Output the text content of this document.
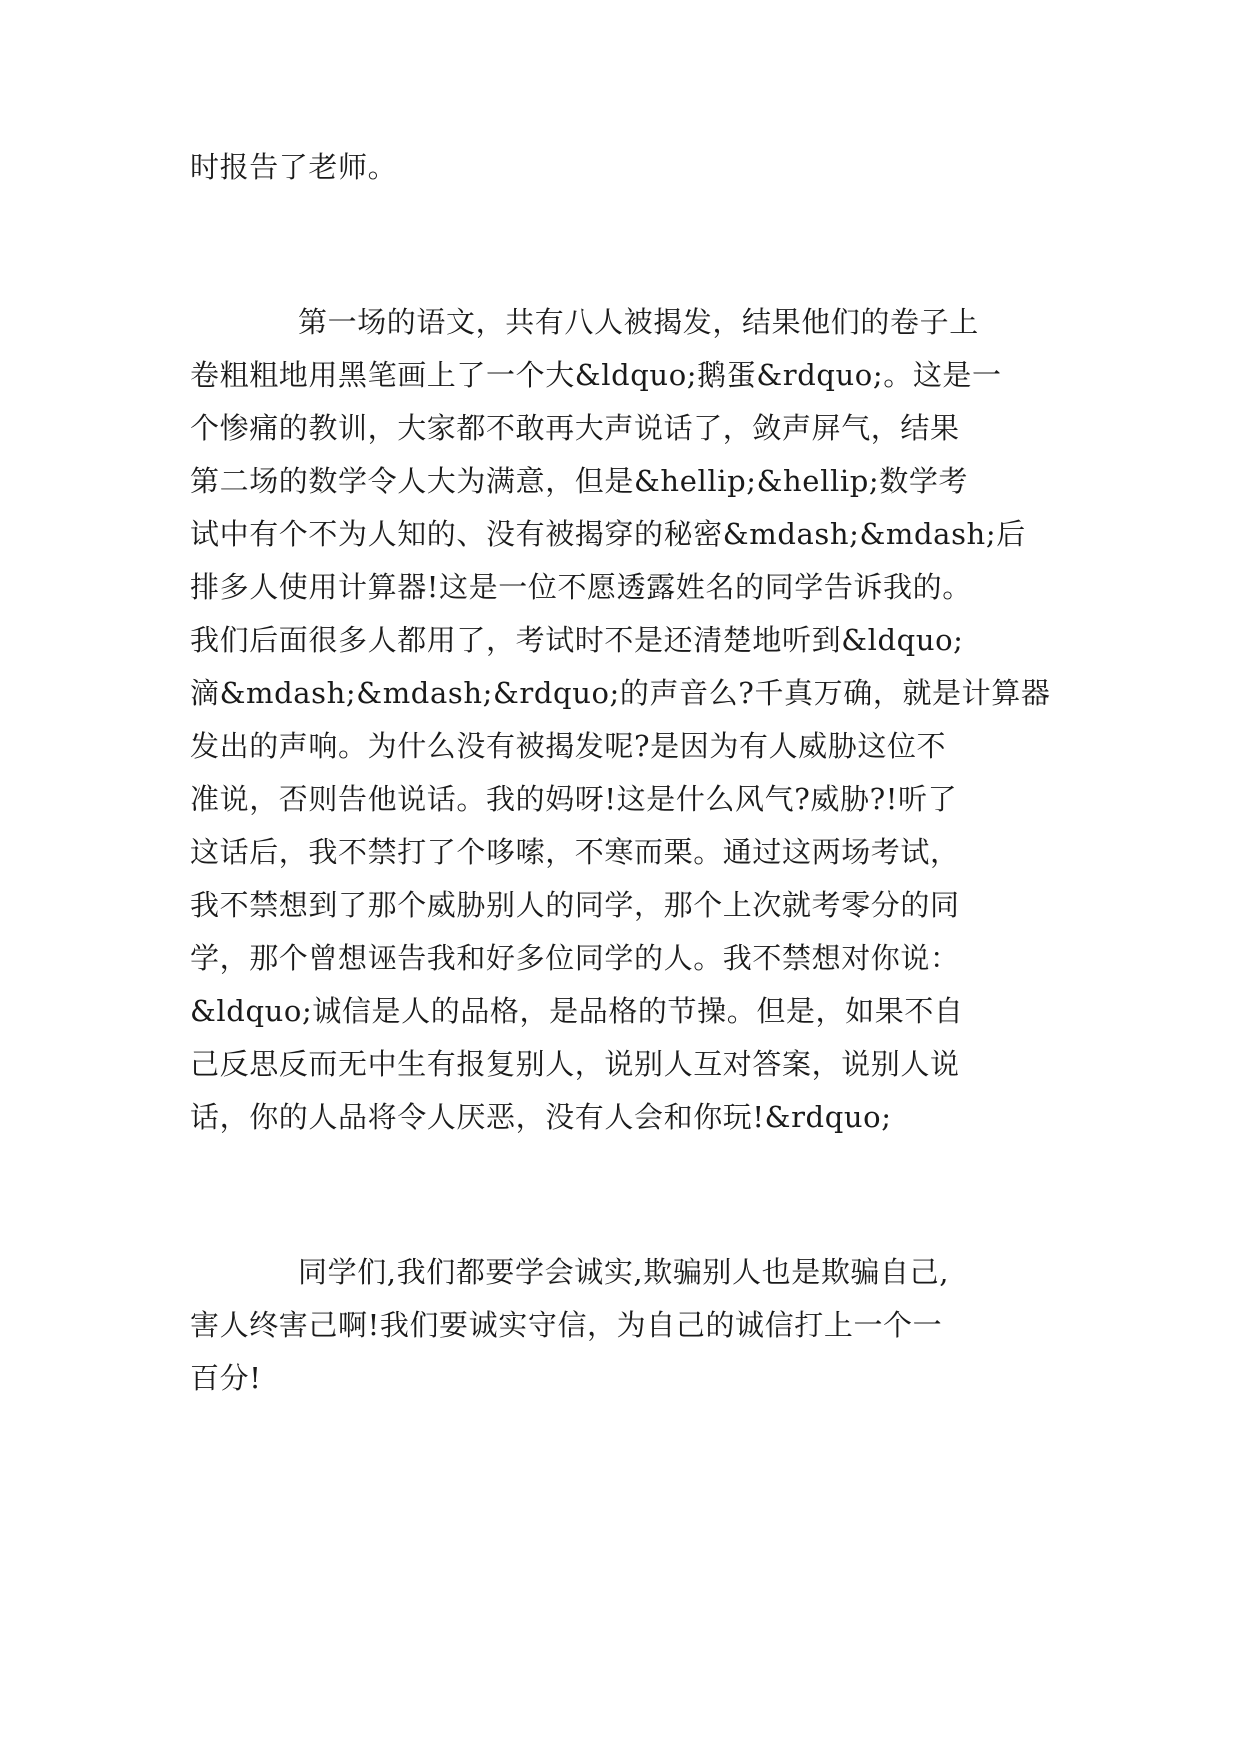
时报告了老师。
第一场的语文，共有八人被揭发，结果他们的卷子上
卷粗粗地用黑笔画上了一个大&ldquo;鹅蛋&rdquo;。这是一
个惨痛的教训，大家都不敢再大声说话了，敛声屏气，结果
第二场的数学令人大为满意，但是&hellip;&hellip;数学考
试中有个不为人知的、没有被揭穿的秘密&mdash;&mdash;后
排多人使用计算器!这是一位不愿透露姓名的同学告诉我的。
我们后面很多人都用了，考试时不是还清楚地听到&ldquo;
滴&mdash;&mdash;&rdquo;的声音么?千真万确，就是计算器
发出的声响。为什么没有被揭发呢?是因为有人威胁这位不
准说，否则告他说话。我的妈呀!这是什么风气?威胁?!听了
这话后，我不禁打了个哆嗦，不寒而栗。通过这两场考试，
我不禁想到了那个威胁别人的同学，那个上次就考零分的同
学，那个曾想诬告我和好多位同学的人。我不禁想对你说：
&ldquo;诚信是人的品格，是品格的节操。但是，如果不自
己反思反而无中生有报复别人，说别人互对答案，说别人说
话，你的人品将令人厌恶，没有人会和你玩!&rdquo;
同学们,我们都要学会诚实,欺骗别人也是欺骗自己,
害人终害己啊!我们要诚实守信，为自己的诚信打上一个一
百分!
